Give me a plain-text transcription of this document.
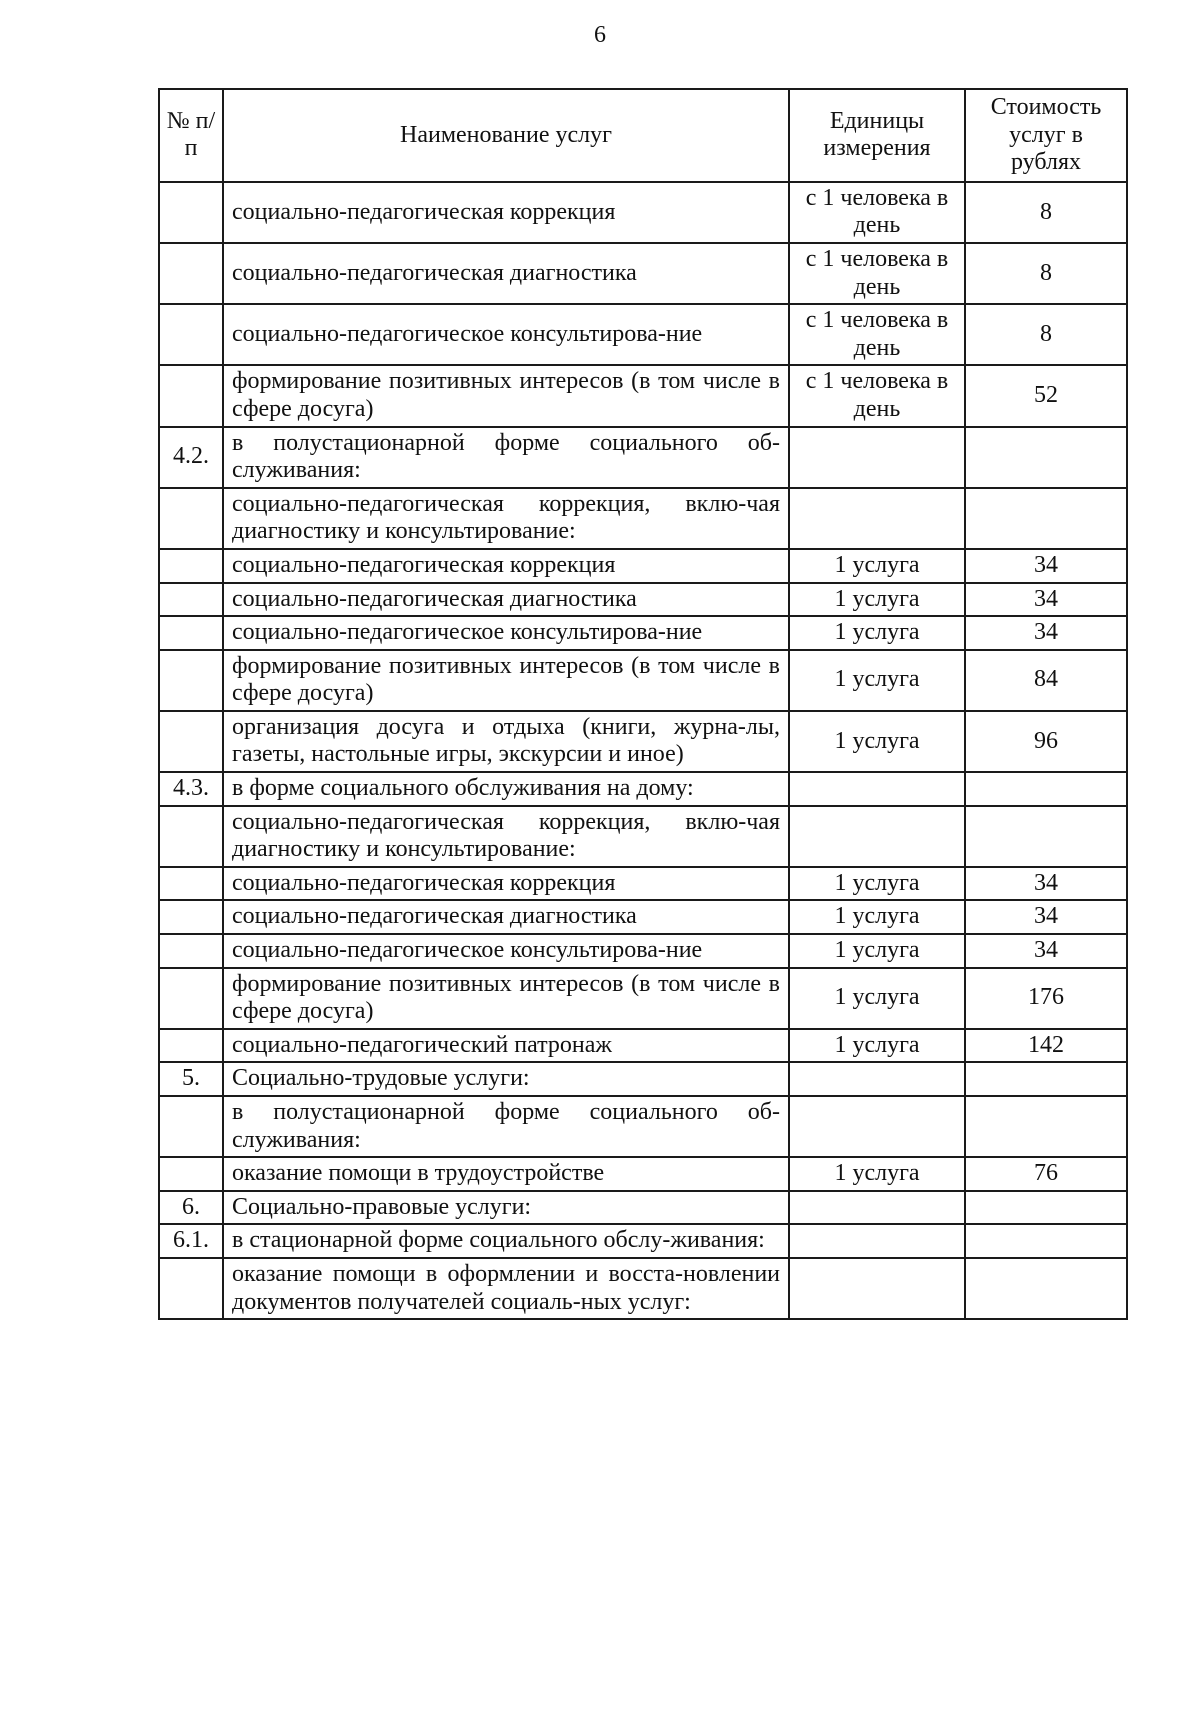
6
№ п/п	Наименование услуг	Единицы измерения	Стоимость услуг в рублях
	социально-педагогическая коррекция	с 1 человека в день	8
	социально-педагогическая диагностика	с 1 человека в день	8
	социально-педагогическое консультирова-ние	с 1 человека в день	8
	формирование позитивных интересов (в том числе в сфере досуга)	с 1 человека в день	52
4.2.	в полустационарной форме социального об-служивания:		
	социально-педагогическая коррекция, вклю-чая диагностику и консультирование:		
	социально-педагогическая коррекция	1 услуга	34
	социально-педагогическая диагностика	1 услуга	34
	социально-педагогическое консультирова-ние	1 услуга	34
	формирование позитивных интересов (в том числе в сфере досуга)	1 услуга	84
	организация досуга и отдыха (книги, журна-лы, газеты, настольные игры, экскурсии и иное)	1 услуга	96
4.3.	в форме социального обслуживания на дому:		
	социально-педагогическая коррекция, вклю-чая диагностику и консультирование:		
	социально-педагогическая коррекция	1 услуга	34
	социально-педагогическая диагностика	1 услуга	34
	социально-педагогическое консультирова-ние	1 услуга	34
	формирование позитивных интересов (в том числе в сфере досуга)	1 услуга	176
	социально-педагогический патронаж	1 услуга	142
5.	Социально-трудовые услуги:		
	в полустационарной форме социального об-служивания:		
	оказание помощи в трудоустройстве	1 услуга	76
6.	Социально-правовые услуги:		
6.1.	в стационарной форме социального обслу-живания:		
	оказание помощи в оформлении и восста-новлении документов получателей социаль-ных услуг:		
